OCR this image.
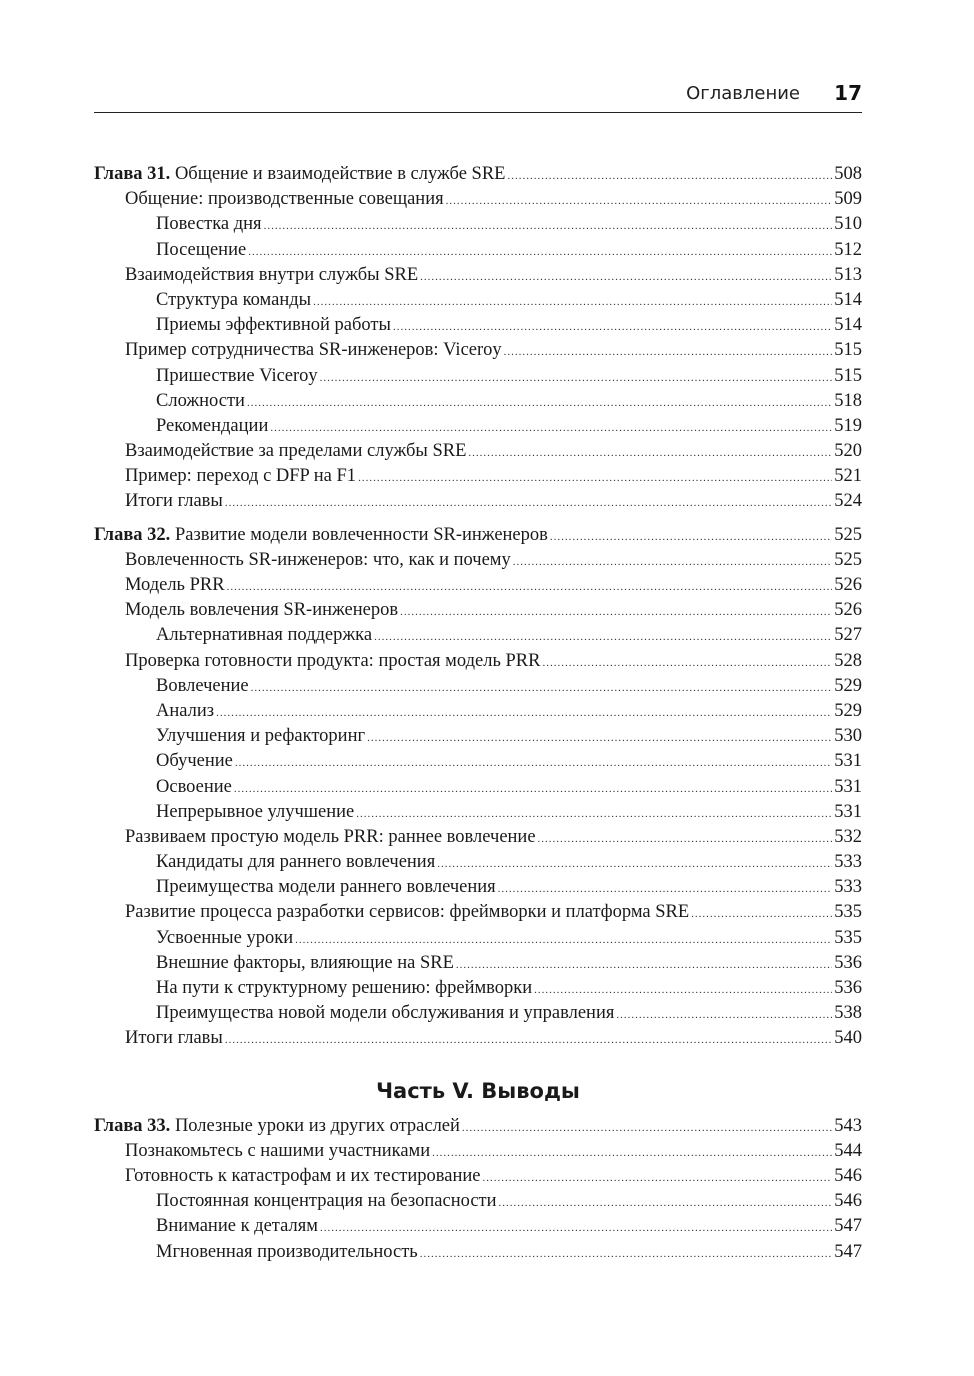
Оглавление 17
Глава 31. Общение и взаимодействие в службе SRE .....	508
Общение: производственные совещания .....	509
Повестка дня .....	510
Посещение .....	512
Взаимодействия внутри службы SRE .....	513
Структура команды .....	514
Приемы эффективной работы .....	514
Пример сотрудничества SR-инженеров: Viceroy .....	515
Пришествие Viceroy .....	515
Сложности .....	518
Рекомендации .....	519
Взаимодействие за пределами службы SRE .....	520
Пример: переход с DFP на F1 .....	521
Итоги главы .....	524
Глава 32. Развитие модели вовлеченности SR-инженеров .....	525
Вовлеченность SR-инженеров: что, как и почему .....	525
Модель PRR .....	526
Модель вовлечения SR-инженеров .....	526
Альтернативная поддержка .....	527
Проверка готовности продукта: простая модель PRR .....	528
Вовлечение .....	529
Анализ .....	529
Улучшения и рефакторинг .....	530
Обучение .....	531
Освоение .....	531
Непрерывное улучшение .....	531
Развиваем простую модель PRR: раннее вовлечение .....	532
Кандидаты для раннего вовлечения .....	533
Преимущества модели раннего вовлечения .....	533
Развитие процесса разработки сервисов: фреймворки и платформа SRE .....	535
Усвоенные уроки .....	535
Внешние факторы, влияющие на SRE .....	536
На пути к структурному решению: фреймворки .....	536
Преимущества новой модели обслуживания и управления .....	538
Итоги главы .....	540
Часть V. Выводы
Глава 33. Полезные уроки из других отраслей .....	543
Познакомьтесь с нашими участниками .....	544
Готовность к катастрофам и их тестирование .....	546
Постоянная концентрация на безопасности .....	546
Внимание к деталям .....	547
Мгновенная производительность .....	547
